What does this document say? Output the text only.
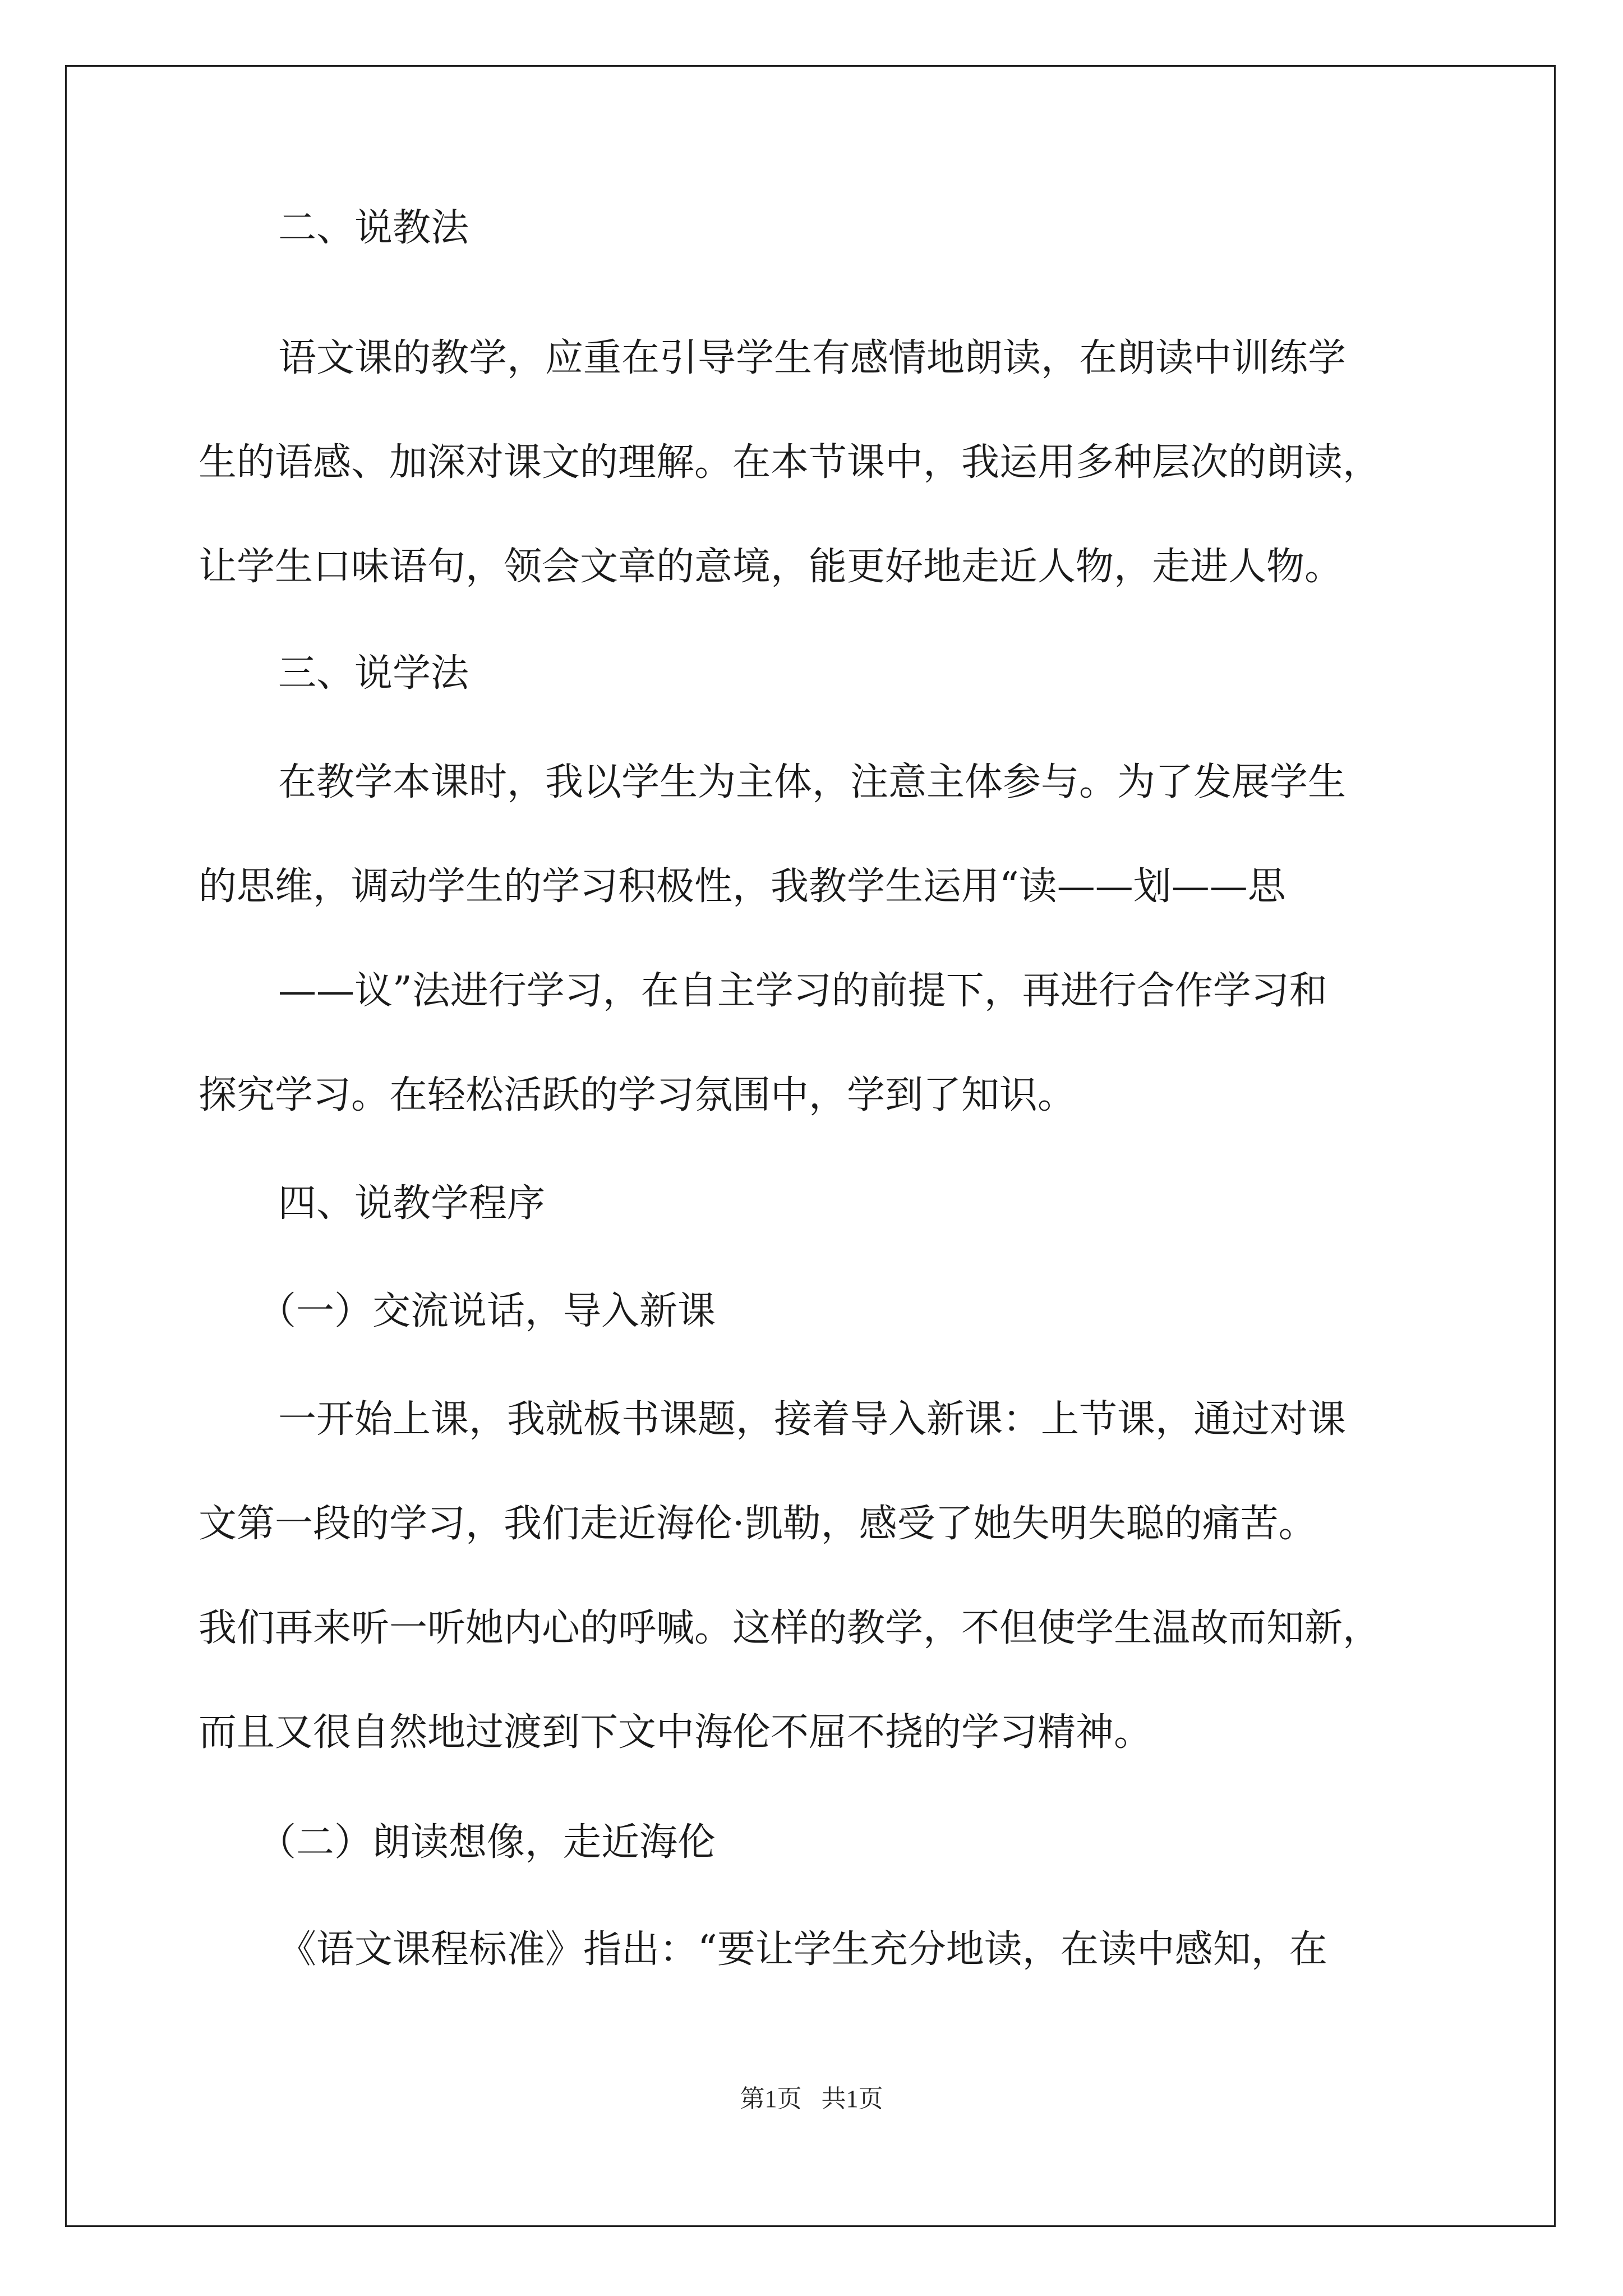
二、说教法
语文课的教学，应重在引导学生有感情地朗读，在朗读中训练学
生的语感、加深对课文的理解。在本节课中，我运用多种层次的朗读，
让学生口味语句，领会文章的意境，能更好地走近人物，走进人物。
三、说学法
在教学本课时，我以学生为主体，注意主体参与。为了发展学生
的思维，调动学生的学习积极性，我教学生运用“读——划——思
——议”法进行学习，在自主学习的前提下，再进行合作学习和
探究学习。在轻松活跃的学习氛围中，学到了知识。
四、说教学程序
（一）交流说话，导入新课
一开始上课，我就板书课题，接着导入新课：上节课，通过对课
文第一段的学习，我们走近海伦·凯勒，感受了她失明失聪的痛苦。
我们再来听一听她内心的呼喊。这样的教学，不但使学生温故而知新，
而且又很自然地过渡到下文中海伦不屈不挠的学习精神。
（二）朗读想像，走近海伦
《语文课程标准》指出：“要让学生充分地读，在读中感知，在
第1页 共1页
